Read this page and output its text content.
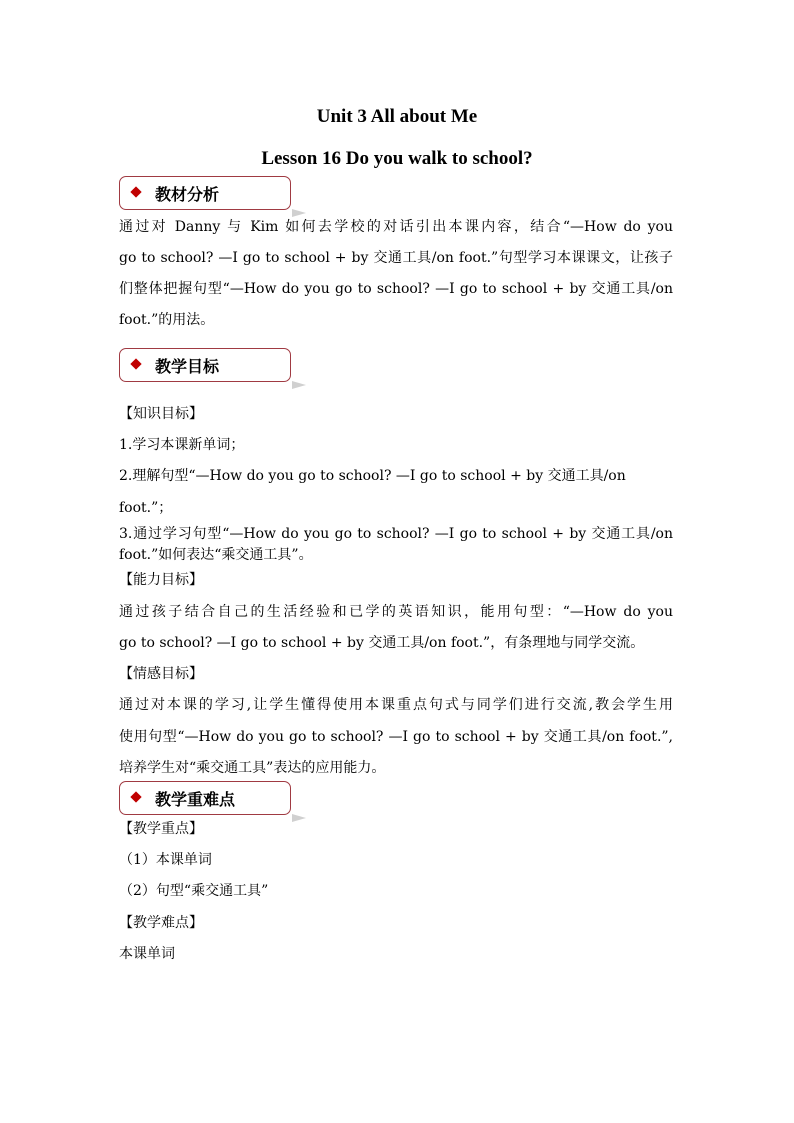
Unit 3 All about Me
Lesson 16 Do you walk to school?
教材分析
通过对 Danny 与 Kim 如何去学校的对话引出本课内容，结合“—How do you
go to school? —I go to school + by 交通工具/on foot.”句型学习本课课文，让孩子
们整体把握句型“—How do you go to school? —I go to school + by 交通工具/on
foot.”的用法。
教学目标
【知识目标】
1.学习本课新单词；
2.理解句型“—How do you go to school? —I go to school + by 交通工具/on
foot.”；
3.通过学习句型“—How do you go to school? —I go to school + by 交通工具/on
foot.”如何表达“乘交通工具”。
【能力目标】
通过孩子结合自己的生活经验和已学的英语知识，能用句型：“—How do you
go to school? —I go to school + by 交通工具/on foot.”，有条理地与同学交流。
【情感目标】
通过对本课的学习,让学生懂得使用本课重点句式与同学们进行交流,教会学生用
使用句型“—How do you go to school? —I go to school + by 交通工具/on foot.”,
培养学生对“乘交通工具”表达的应用能力。
教学重难点
【教学重点】
（1）本课单词
（2）句型“乘交通工具”
【教学难点】
本课单词
